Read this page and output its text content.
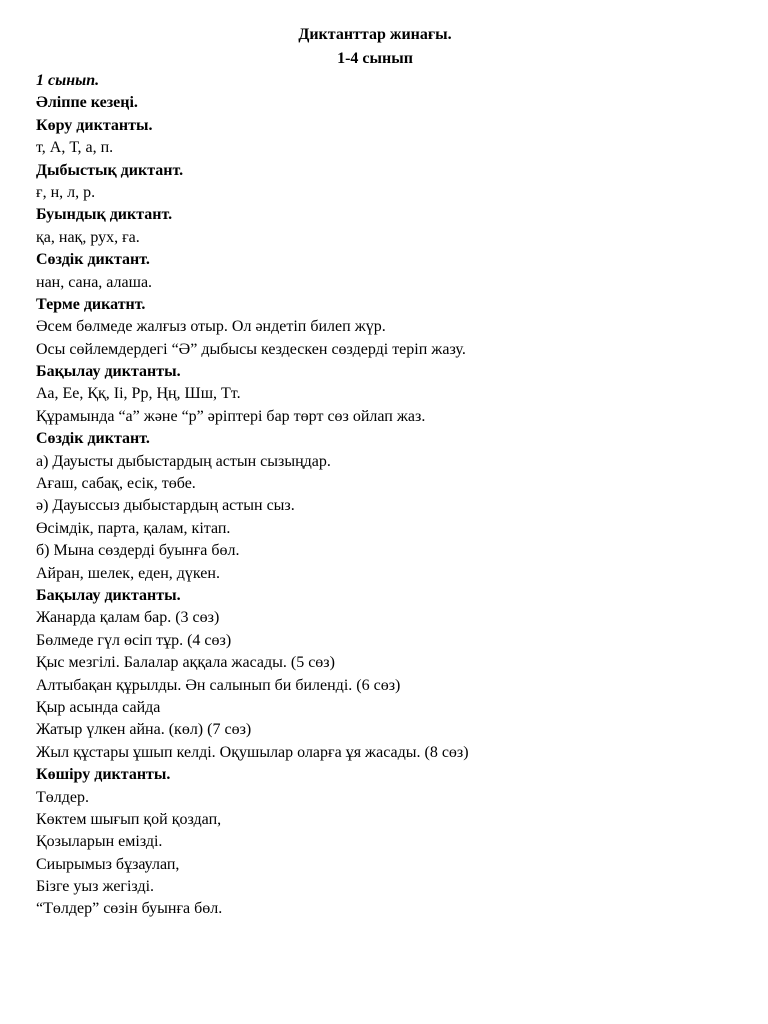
Диктанттар жинағы.
1-4 сынып
1 сынып.
Әліппе кезеңі.
Көру диктанты.
т, А, Т, а, п.
Дыбыстық диктант.
ғ, н, л, р.
Буындық диктант.
қа, нақ, рух, ға.
Сөздік диктант.
нан, сана, алаша.
Терме дикатнт.
Әсем бөлмеде жалғыз отыр. Ол әндетіп билеп жүр.
Осы сөйлемдердегі “Ә” дыбысы кездескен сөздерді теріп жазу.
Бақылау диктанты.
Аа, Ее, Ққ, Іі, Рр, Ңң, Шш, Тт.
Құрамында “а” және “р” әріптері бар төрт сөз ойлап жаз.
Сөздік диктант.
а) Дауысты дыбыстардың астын сызыңдар.
Ағаш, сабақ, есік, төбе.
ә) Дауыссыз дыбыстардың астын сыз.
Өсімдік, парта, қалам, кітап.
б) Мына сөздерді буынға бөл.
Айран, шелек, еден, дүкен.
Бақылау диктанты.
Жанарда қалам бар. (3 сөз)
Бөлмеде гүл өсіп тұр. (4 сөз)
Қыс мезгілі. Балалар аққала жасады. (5 сөз)
Алтыбақан құрылды. Ән салынып би биленді. (6 сөз)
Қыр асында сайда
Жатыр үлкен айна. (көл) (7 сөз)
Жыл құстары ұшып келді. Оқушылар оларға ұя жасады. (8 сөз)
Көшіру диктанты.
Төлдер.
Көктем шығып қой қоздап,
Қозыларын емізді.
Сиырымыз бұзаулап,
Бізге уыз жегізді.
“Төлдер” сөзін буынға бөл.
